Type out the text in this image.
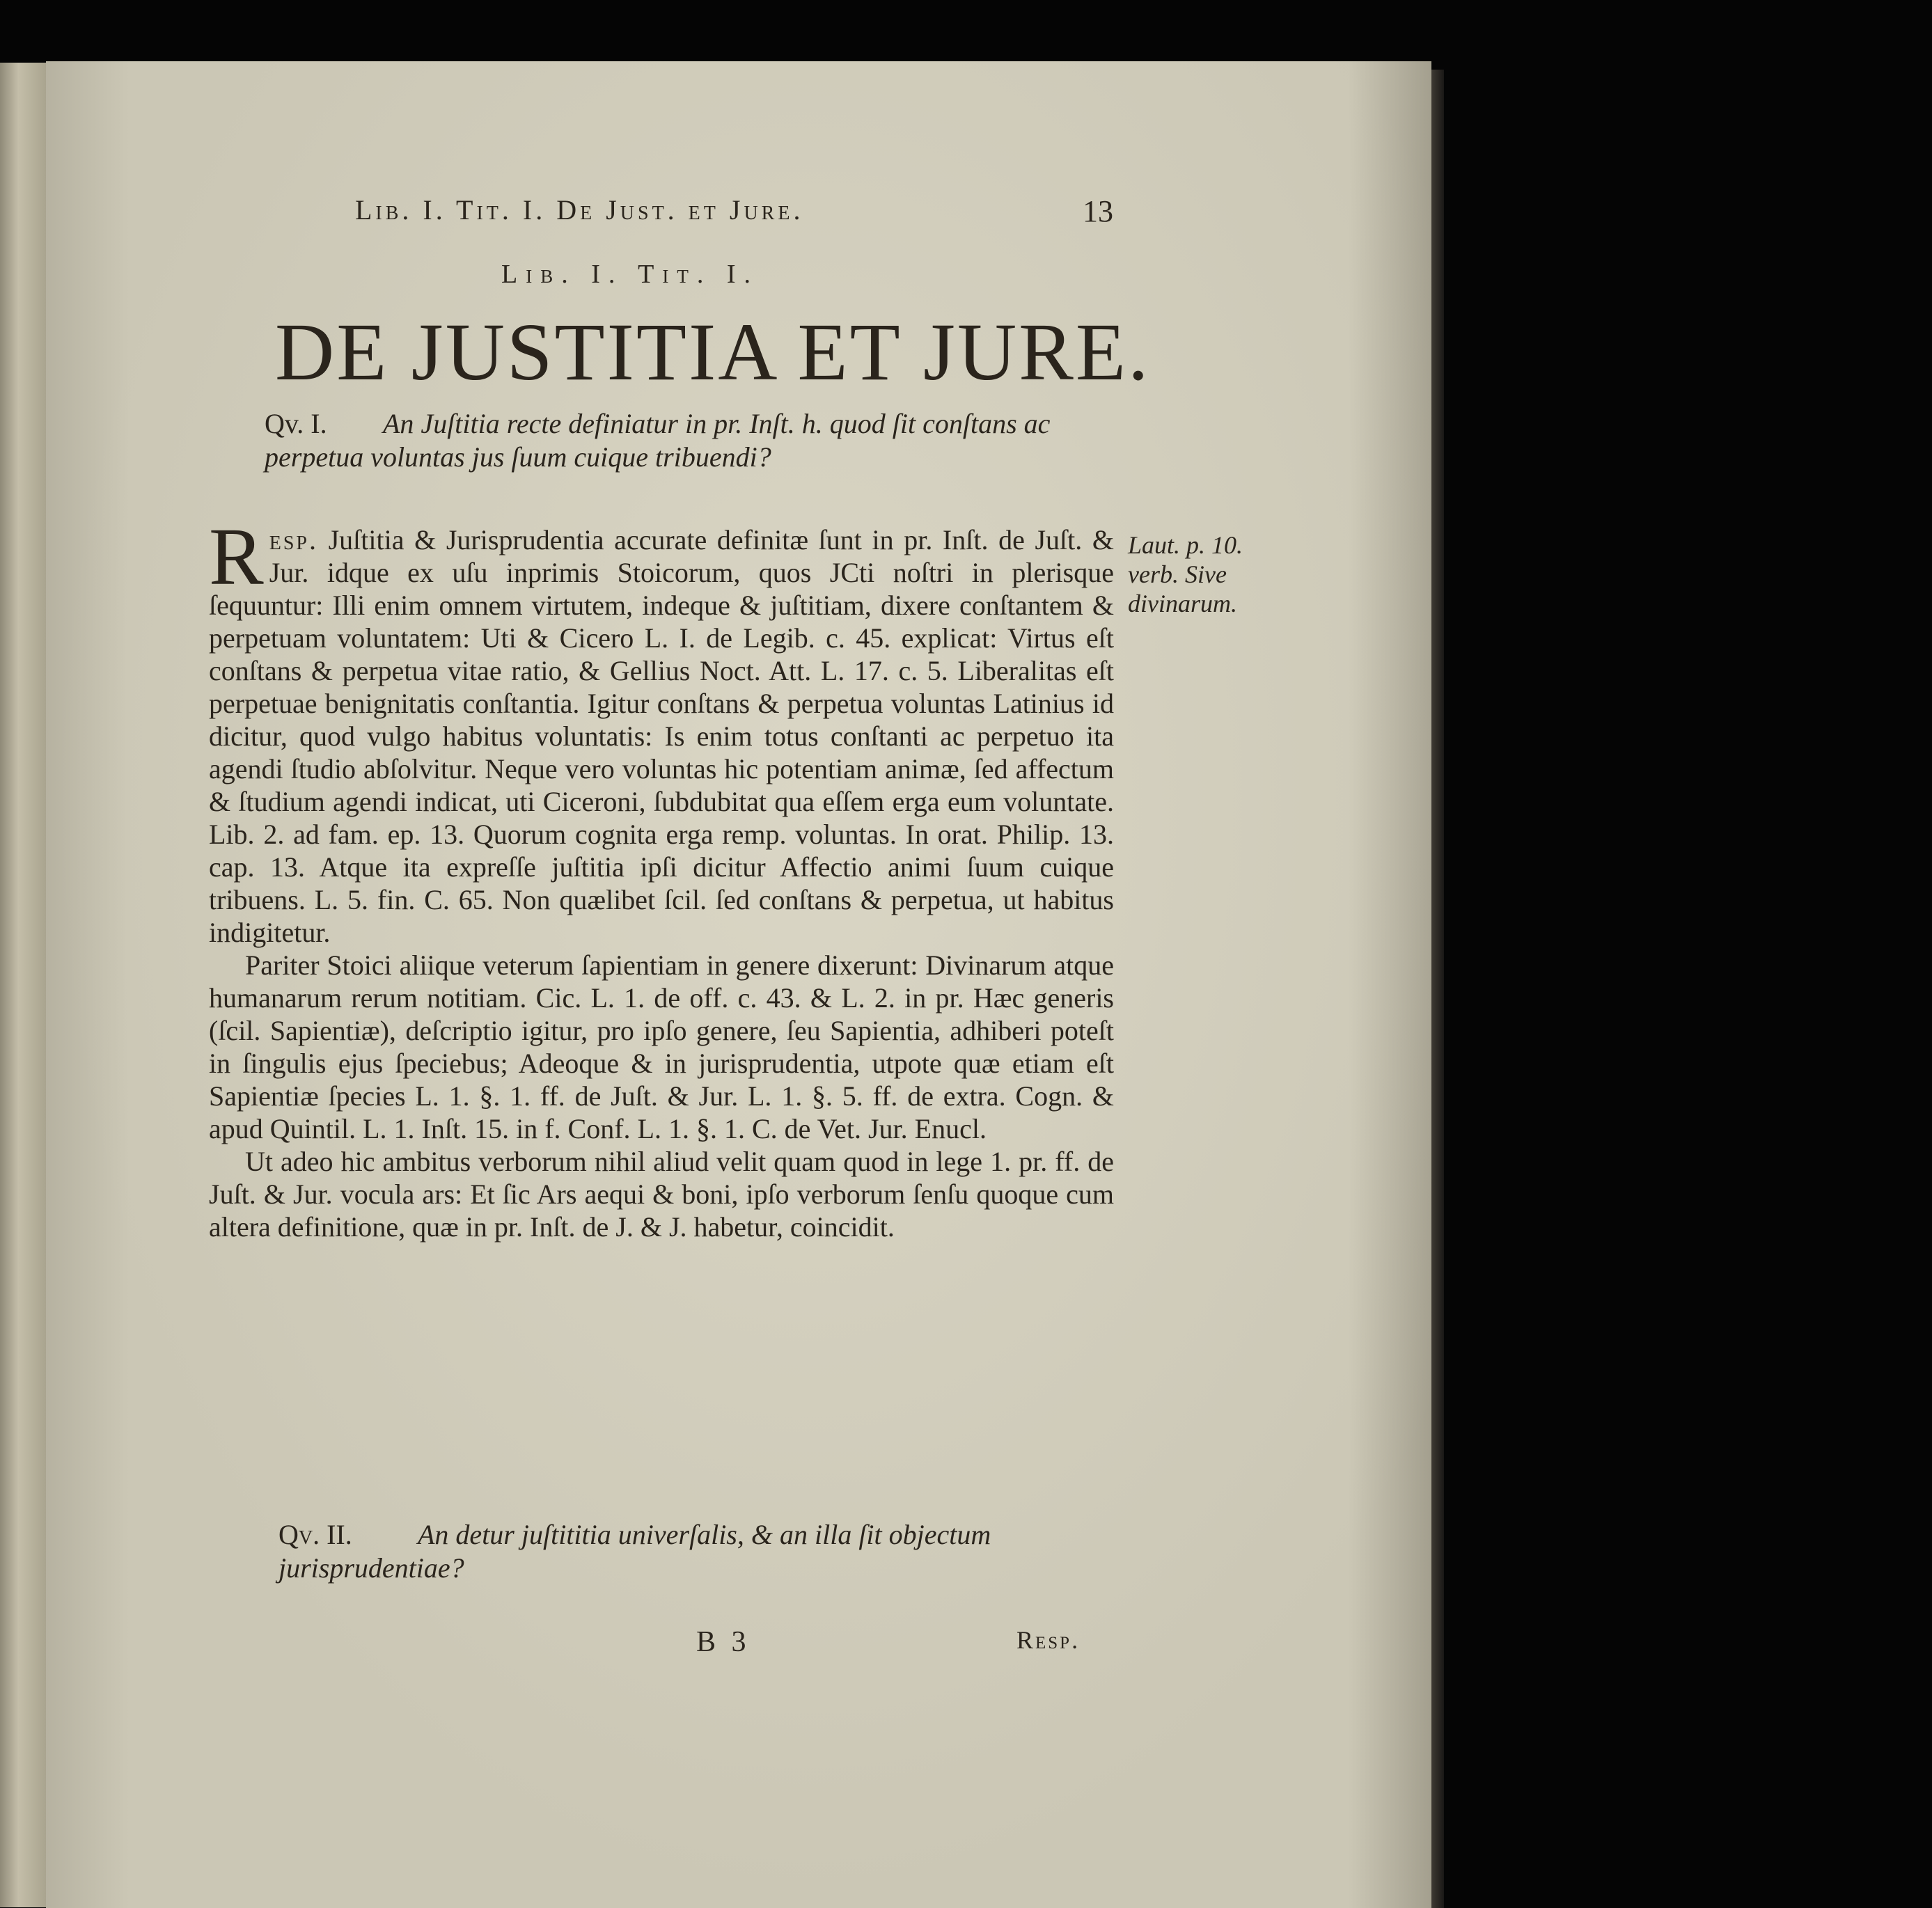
Lib. I. Tit. I. De Just. et Jure.	13
Lib. I. Tit. I.
DE JUSTITIA ET JURE.
Qv. I. An Juſtitia recte definiatur in pr. Inſt. h. quod ſit conſtans ac perpetua voluntas jus ſuum cuique tribuendi?

Resp. Juſtitia & Jurisprudentia accurate definitæ ſunt in pr. Inſt. de Juſt. & Jur. idque ex uſu inprimis Stoicorum, quos JCti noſtri in plerisque ſequuntur: Illi enim omnem virtutem, indeque & juſtitiam, dixere conſtantem & perpetuam voluntatem: Uti & Cicero L. I. de Legib. c. 45. explicat: Virtus eſt conſtans & perpetua vitae ratio, & Gellius Noct. Att. L. 17. c. 5. Liberalitas eſt perpetuae benignitatis conſtantia. Igitur conſtans & perpetua voluntas Latinius id dicitur, quod vulgo habitus voluntatis: Is enim totus conſtanti ac perpetuo ita agendi ſtudio abſolvitur. Neque vero voluntas hic potentiam animæ, ſed affectum & ſtudium agendi indicat, uti Ciceroni, ſubdubitat qua eſſem erga eum voluntate. Lib. 2. ad fam. ep. 13. Quorum cognita erga remp. voluntas. In orat. Philip. 13. cap. 13. Atque ita expreſſe juſtitia ipſi dicitur Affectio animi ſuum cuique tribuens. L. 5. fin. C. 65. Non quælibet ſcil. ſed conſtans & perpetua, ut habitus indigitetur.

Pariter Stoici aliique veterum ſapientiam in genere dixerunt: Divinarum atque humanarum rerum notitiam. Cic. L. 1. de off. c. 43. & L. 2. in pr. Hæc generis (ſcil. Sapientiæ), deſcriptio igitur, pro ipſo genere, ſeu Sapientia, adhiberi poteſt in ſingulis ejus ſpeciebus; Adeoque & in jurisprudentia, utpote quæ etiam eſt Sapientiæ ſpecies L. 1. §. 1. ff. de Juſt. & Jur. L. 1. §. 5. ff. de extra. Cogn. & apud Quintil. L. 1. Inſt. 15. in f. Conf. L. 1. §. 1. C. de Vet. Jur. Enucl.

Ut adeo hic ambitus verborum nihil aliud velit quam quod in lege 1. pr. ff. de Juſt. & Jur. vocula ars: Et ſic Ars aequi & boni, ipſo verborum ſenſu quoque cum altera definitione, quæ in pr. Inſt. de J. & J. habetur, coincidit.

Laut. p. 10. verb. Sive divinarum.
Qv. II. An detur juſtititia univerſalis, & an illa ſit objectum jurisprudentiae?
B 3	Resp.
